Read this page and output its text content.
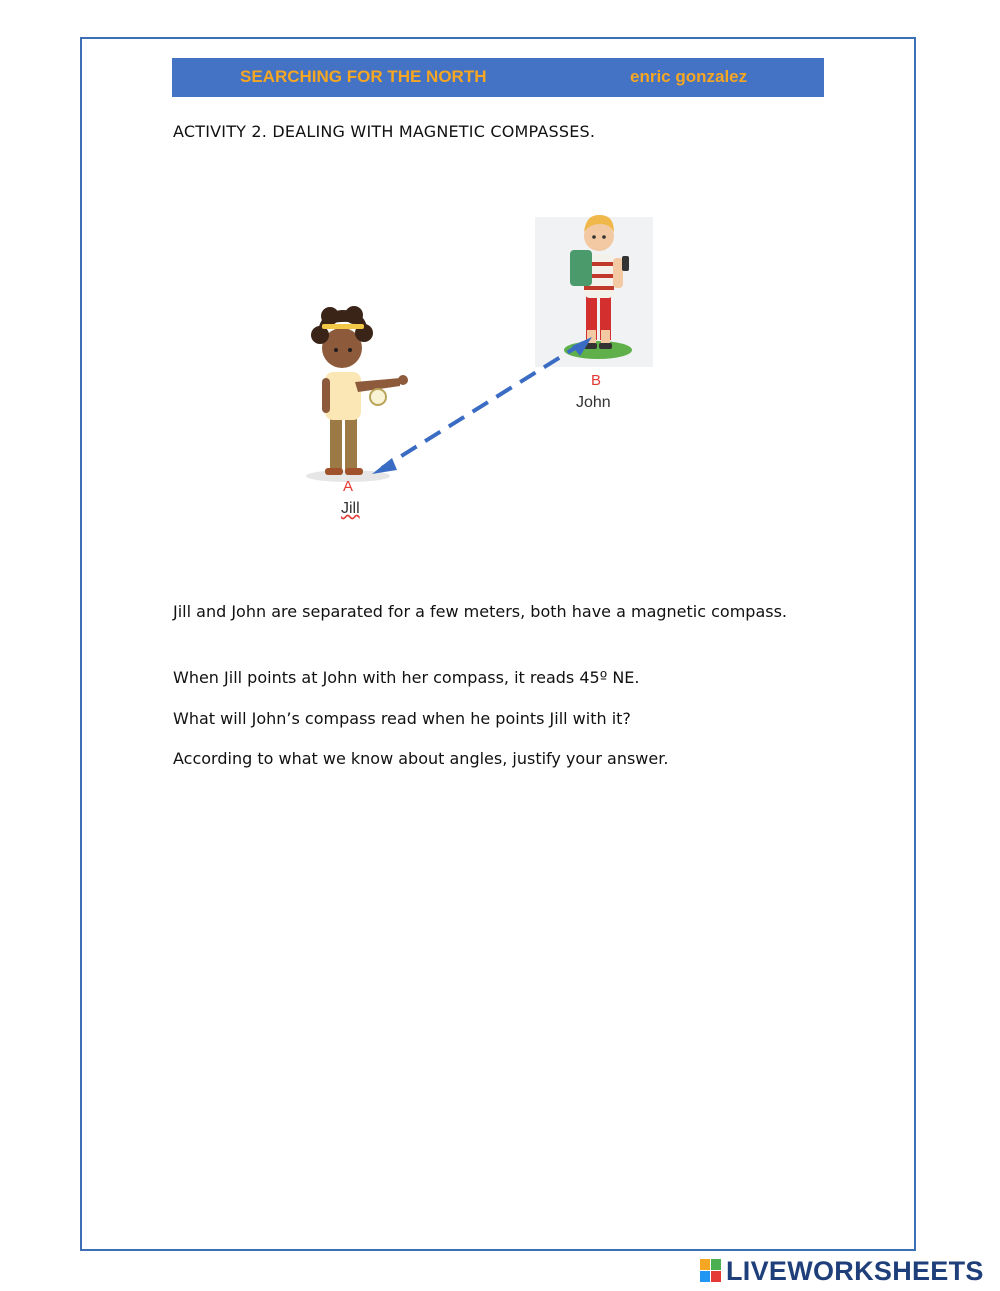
SEARCHING FOR THE NORTH	enric gonzalez
ACTIVITY 2. DEALING WITH MAGNETIC COMPASSES.
B
John
A
Jill
Jill and John are separated for a few meters, both have a magnetic compass.
When Jill points at John with her compass, it reads 45º NE.
What will John’s compass read when he points Jill with it?
According to what we know about angles, justify your answer.
LIVEWORKSHEETS
